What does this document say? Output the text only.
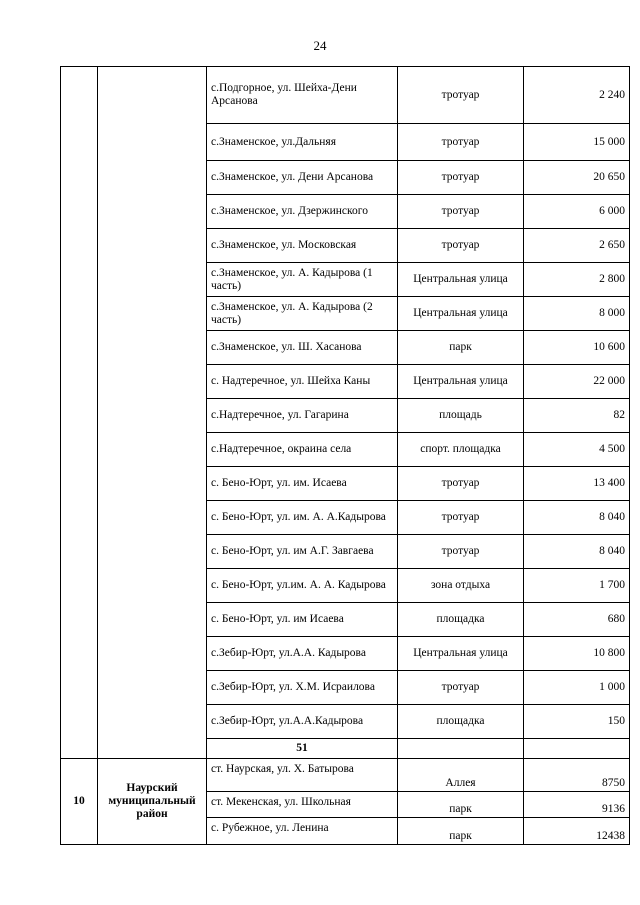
24
		с.Подгорное, ул. Шейха-Дени Арсанова	тротуар	2 240
		с.Знаменское, ул.Дальняя	тротуар	15 000
		с.Знаменское, ул. Дени Арсанова	тротуар	20 650
		с.Знаменское, ул. Дзержинского	тротуар	6 000
		с.Знаменское, ул. Московская	тротуар	2 650
		с.Знаменское, ул. А. Кадырова (1 часть)	Центральная улица	2 800
		с.Знаменское, ул. А. Кадырова (2 часть)	Центральная улица	8 000
		с.Знаменское, ул. Ш. Хасанова	парк	10 600
		с. Надтеречное, ул. Шейха Каны	Центральная улица	22 000
		с.Надтеречное, ул. Гагарина	площадь	82
		с.Надтеречное, окраина села	спорт. площадка	4 500
		с. Бено-Юрт, ул. им. Исаева	тротуар	13 400
		с. Бено-Юрт, ул. им. А. А.Кадырова	тротуар	8 040
		с. Бено-Юрт, ул. им А.Г. Завгаева	тротуар	8 040
		с. Бено-Юрт, ул.им. А. А. Кадырова	зона отдыха	1 700
		с. Бено-Юрт, ул. им Исаева	площадка	680
		с.Зебир-Юрт, ул.А.А. Кадырова	Центральная улица	10 800
		с.Зебир-Юрт, ул. Х.М. Исраилова	тротуар	1 000
		с.Зебир-Юрт, ул.А.А.Кадырова	площадка	150
		51		
10	Наурский муниципальный район	ст. Наурская, ул. Х. Батырова	Аллея	8750
		ст. Мекенская, ул. Школьная	парк	9136
		с. Рубежное, ул. Ленина	парк	12438
